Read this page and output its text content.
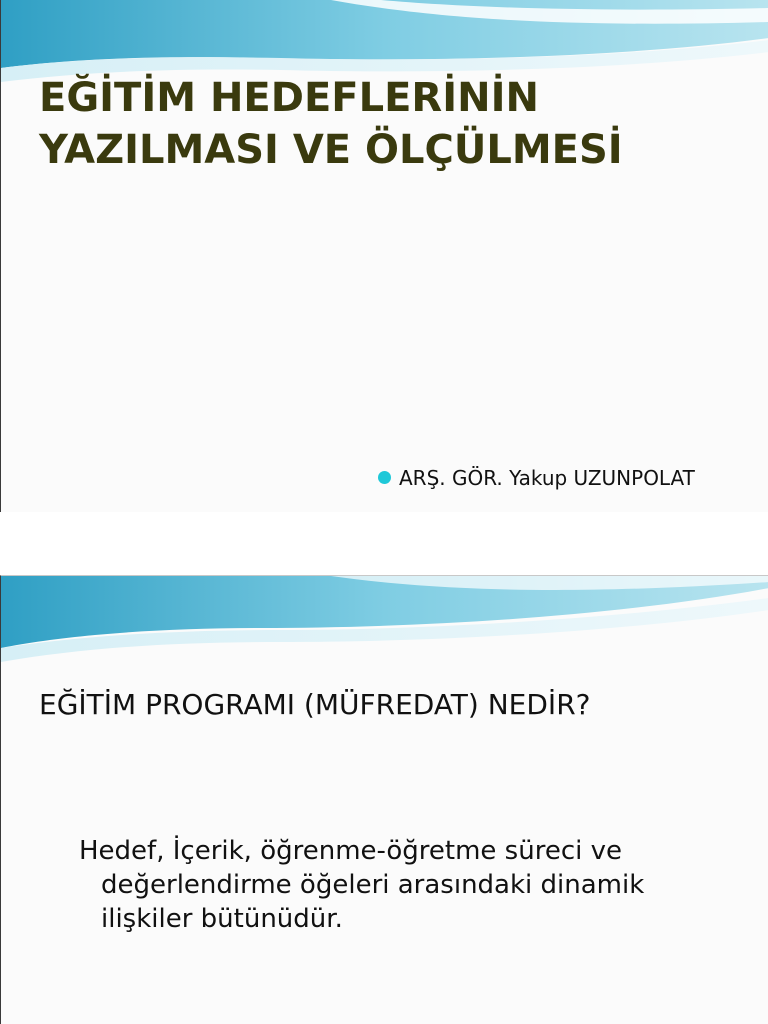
EĞİTİM HEDEFLERİNİN
YAZILMASI VE ÖLÇÜLMESİ
ARŞ. GÖR. Yakup UZUNPOLAT
EĞİTİM PROGRAMI (MÜFREDAT) NEDİR?

Hedef, İçerik, öğrenme-öğretme süreci ve
değerlendirme öğeleri arasındaki dinamik
ilişkiler bütünüdür.
